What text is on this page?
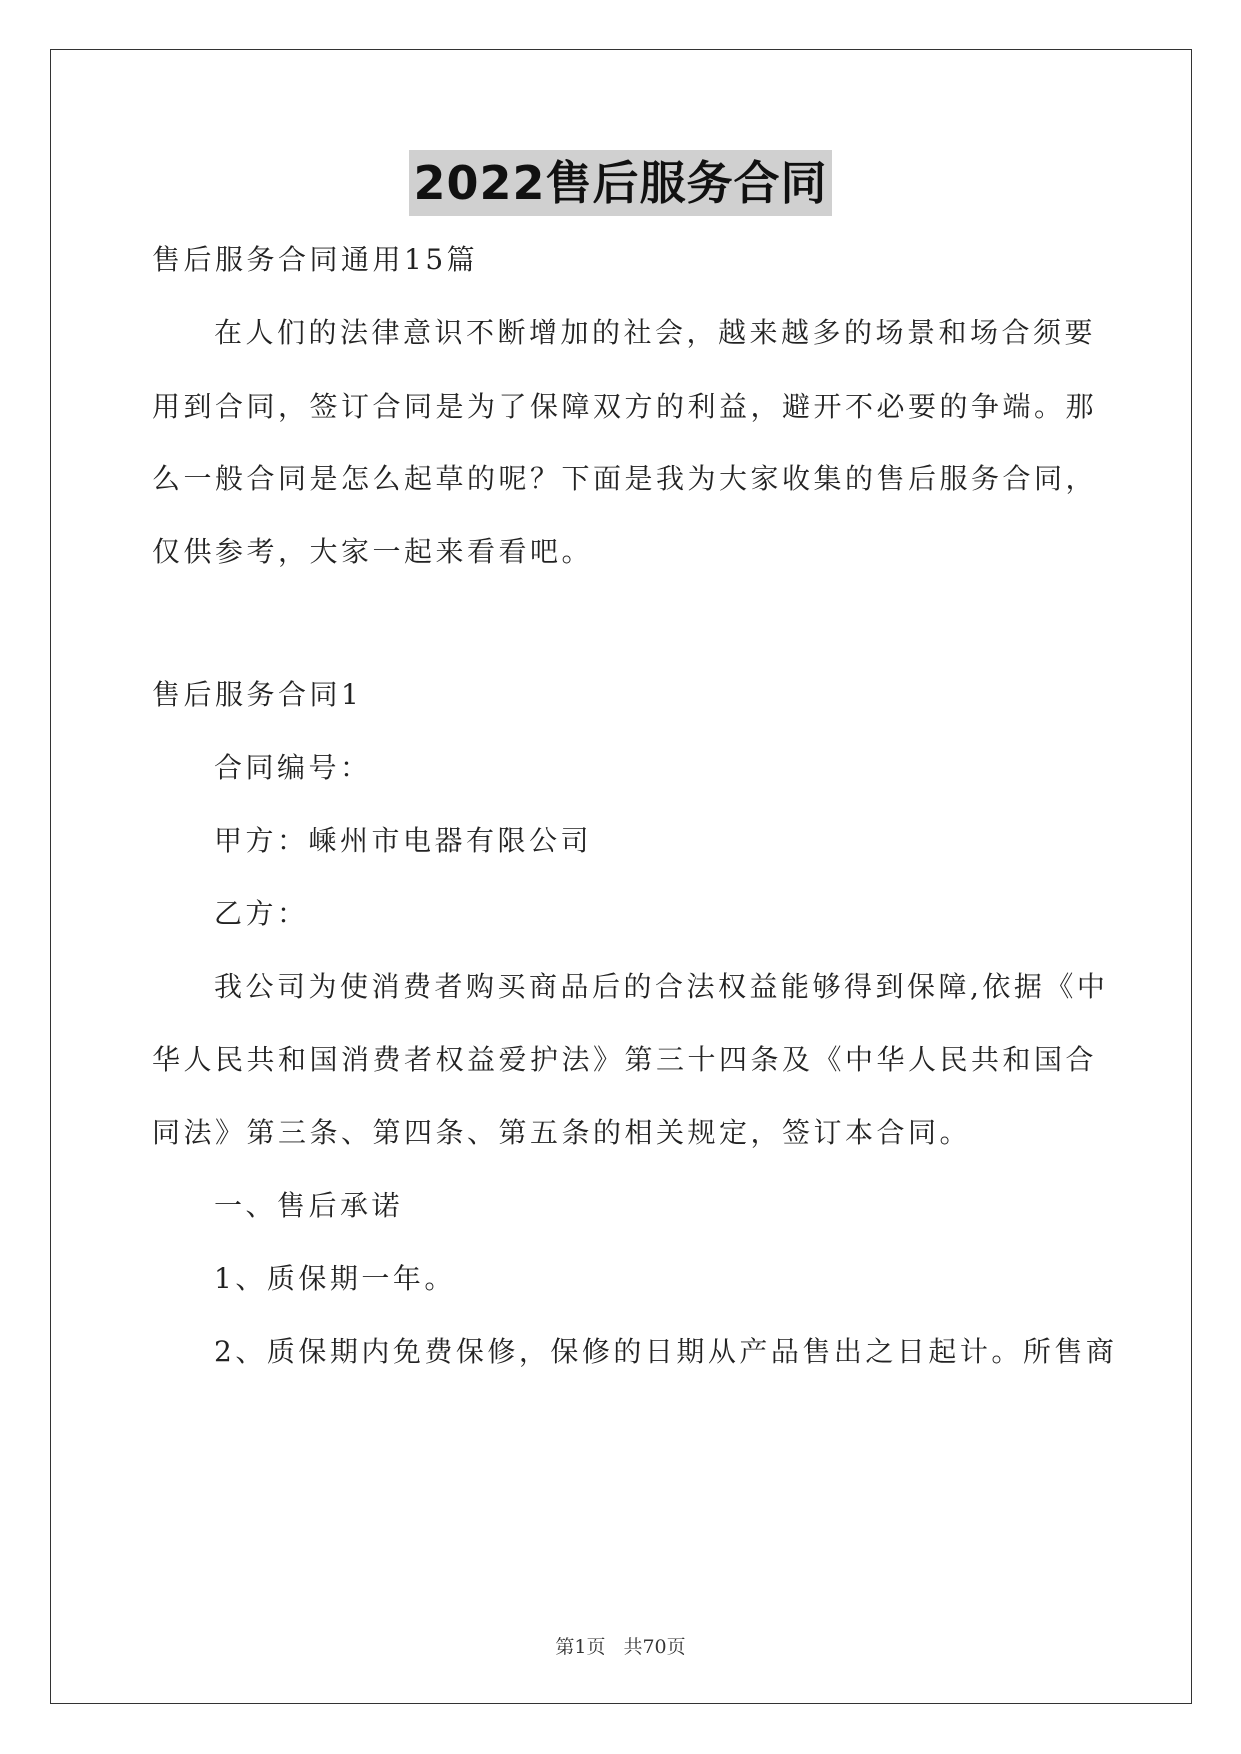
2022售后服务合同
售后服务合同通用15篇
在人们的法律意识不断增加的社会，越来越多的场景和场合须要
用到合同，签订合同是为了保障双方的利益，避开不必要的争端。那
么一般合同是怎么起草的呢？下面是我为大家收集的售后服务合同，
仅供参考，大家一起来看看吧。
售后服务合同1
合同编号：
甲方：嵊州市电器有限公司
乙方：
我公司为使消费者购买商品后的合法权益能够得到保障,依据《中
华人民共和国消费者权益爱护法》第三十四条及《中华人民共和国合
同法》第三条、第四条、第五条的相关规定，签订本合同。
一、售后承诺
1、质保期一年。
2、质保期内免费保修，保修的日期从产品售出之日起计。所售商
第1页 共70页
